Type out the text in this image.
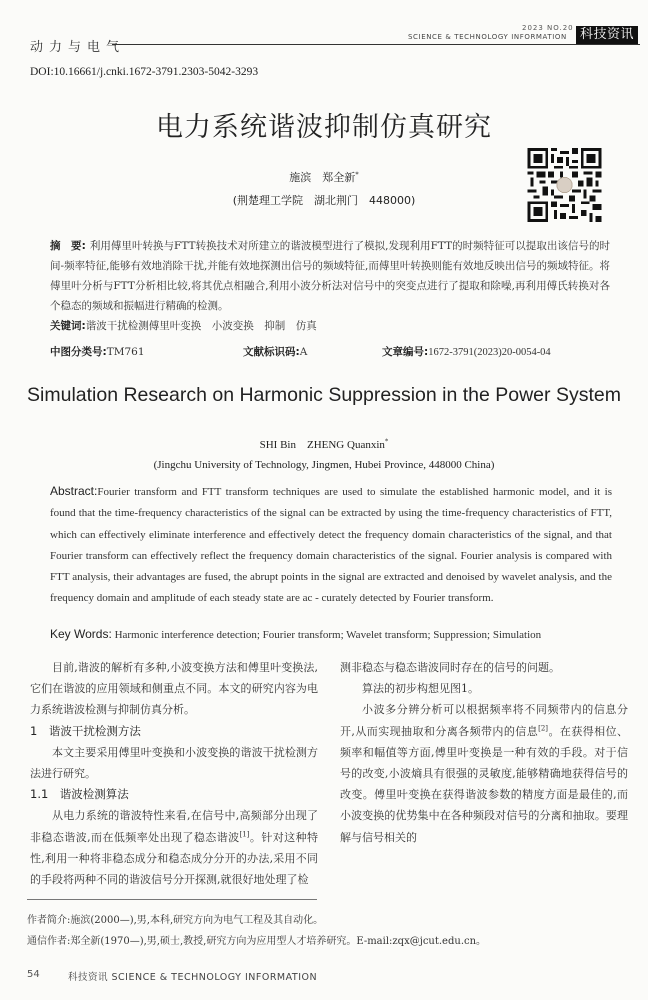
动力与电气
2023 NO.20
SCIENCE & TECHNOLOGY INFORMATION	科技资讯
DOI:10.16661/j.cnki.1672-3791.2303-5042-3293
电力系统谐波抑制仿真研究
施滨　郑全新*
(荆楚理工学院　湖北荆门　448000)
摘　要: 利用傅里叶转换与FTT转换技术对所建立的谐波模型进行了模拟,发现利用FTT的时频特征可以提取出该信号的时间-频率特征,能够有效地消除干扰,并能有效地探测出信号的频域特征,而傅里叶转换则能有效地反映出信号的频域特征。将傅里叶分析与FTT分析相比较,将其优点相融合,利用小波分析法对信号中的突变点进行了提取和除噪,再利用傅氏转换对各个稳态的频域和振幅进行精确的检测。
关键词:谐波干扰检测傅里叶变换　小波变换　抑制　仿真
中图分类号:TM761	文献标识码:A	文章编号:1672-3791(2023)20-0054-04
Simulation Research on Harmonic Suppression in the Power System
SHI Bin　ZHENG Quanxin*
(Jingchu University of Technology, Jingmen, Hubei Province, 448000 China)
Abstract:Fourier transform and FTT transform techniques are used to simulate the established harmonic model, and it is found that the time-frequency characteristics of the signal can be extracted by using the time-frequency characteristics of FTT, which can effectively eliminate interference and effectively detect the frequency domain characteristics of the signal, and that Fourier transform can effectively reflect the frequency domain characteristics of the signal. Fourier analysis is compared with FTT analysis, their advantages are fused, the abrupt points in the signal are extracted and denoised by wavelet analysis, and the frequency domain and amplitude of each steady state are ac - curately detected by Fourier transform.
Key Words: Harmonic interference detection; Fourier transform; Wavelet transform; Suppression; Simulation

目前,谐波的解析有多种,小波变换方法和傅里叶变换法,它们在谐波的应用领域和侧重点不同。本文的研究内容为电力系统谐波检测与抑制仿真分析。

1　谐波干扰检测方法

本文主要采用傅里叶变换和小波变换的谐波干扰检测方法进行研究。

1.1　谐波检测算法

从电力系统的谐波特性来看,在信号中,高频部分出现了非稳态谐波,而在低频率处出现了稳态谐波[1]。针对这种特性,利用一种将非稳态成分和稳态成分分开的办法,采用不同的手段将两种不同的谐波信号分开探测,就很好地处理了检

测非稳态与稳态谐波同时存在的信号的问题。

算法的初步构想见图1。

小波多分辨分析可以根据频率将不同频带内的信息分开,从而实现抽取和分离各频带内的信息[2]。在获得相位、频率和幅值等方面,傅里叶变换是一种有效的手段。对于信号的改变,小波熵具有很强的灵敏度,能够精确地获得信号的改变。傅里叶变换在获得谐波参数的精度方面是最佳的,而小波变换的优势集中在各种频段对信号的分离和抽取。要理解与信号相关的

作者简介:施滨(2000—),男,本科,研究方向为电气工程及其自动化。
通信作者:郑全新(1970—),男,硕士,教授,研究方向为应用型人才培养研究。E-mail:zqx@jcut.edu.cn。
54	科技资讯 SCIENCE & TECHNOLOGY INFORMATION
